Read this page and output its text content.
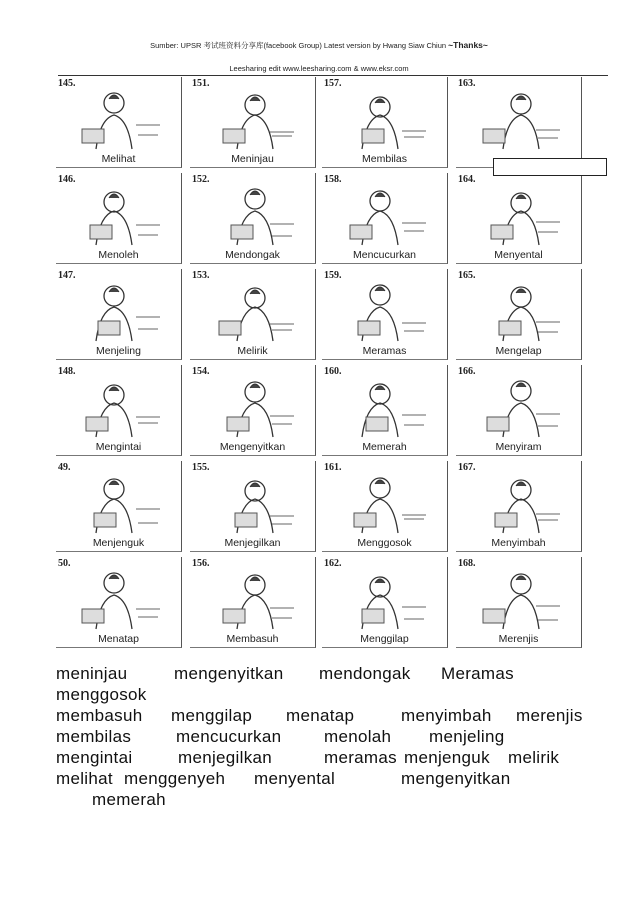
Sumber: UPSR 考试班资料分享库(facebook Group) Latest version by Hwang Siaw Chiun ~Thanks~
Leesharing edit www.leesharing.com & www.eksr.com
145.
Melihat
151.
Meninjau
157.
Membilas
163.
146.
Menoleh
152.
Mendongak
158.
Mencucurkan
164.
Menyental
147.
Menjeling
153.
Melirik
159.
Meramas
165.
Mengelap
148.
Mengintai
154.
Mengenyitkan
160.
Memerah
166.
Menyiram
49.
Menjenguk
155.
Menjegilkan
161.
Menggosok
167.
Menyimbah
50.
Menatap
156.
Membasuh
162.
Menggilap
168.
Merenjis
meninjau	mengenyitkan mendongak Meramas
menggosok
membasuh menggilap menatap	menyimbah merenjis
membilas	mencucurkan	menolah menjeling
mengintai	menjegilkan	meramas menjenguk melirik
melihat menggenyeh menyental	mengenyitkan
memerah
